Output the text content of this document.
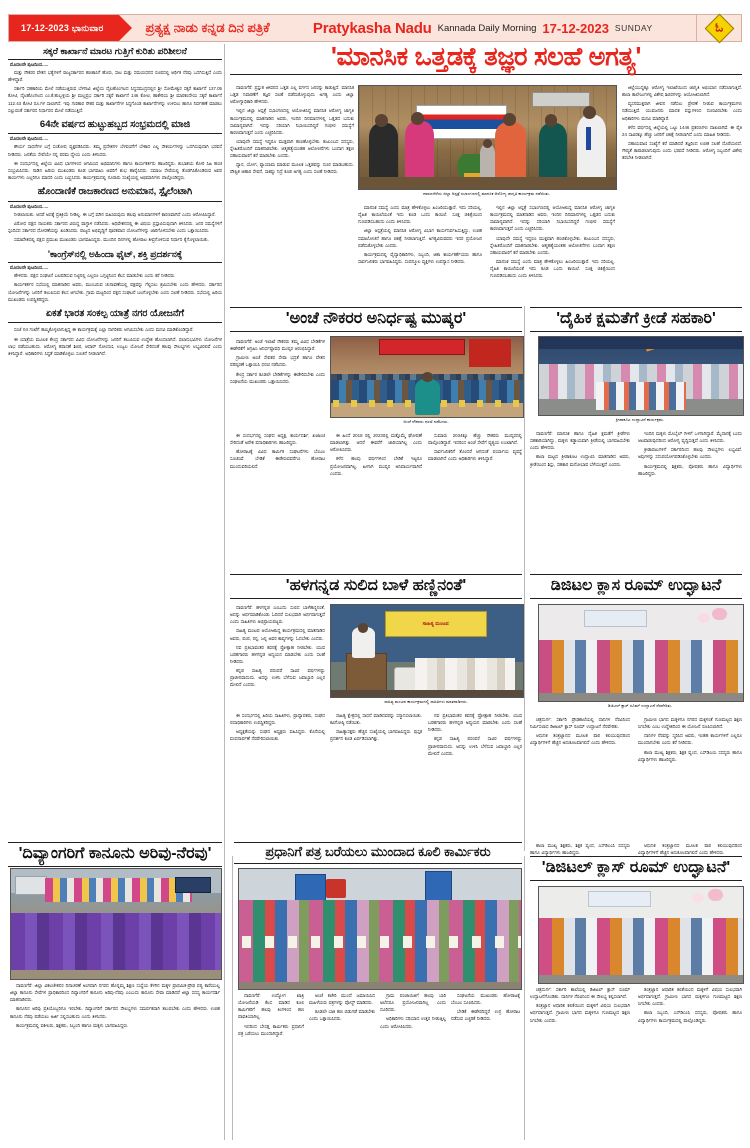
17-12-2023 ಭಾನುವಾರ	ಪ್ರತ್ಯಕ್ಷ ನಾಡು ಕನ್ನಡ ದಿನ ಪತ್ರಿಕೆ	Pratykasha Nadu Kannada Daily Morning 17-12-2023 SUNDAY	ಓ
ಸಕ್ಕರೆ ಕಾರ್ಖಾನೆ ಮಾರಟ ಗುತ್ತಿಗೆ ಕುರಿತು ಪರಿಶೀಲನೆ
ಮೊದಲನೇ ಪುಟದಿಂದ.....

ಮತ್ತು ನೌಕರರ ವೇತನ ಭತ್ಯೆಗಳಿಗೆ ರಾಜ್ಯಸರ್ಕಾರದ ಹಣಕಾಸಿಗೆ ಹೊರು, ಸಾಲ ಮತ್ತು ಸಮಯಧನದ ರೂಪದಲ್ಲಿ ಆರ್ಥಿಕ ನೆರವು ಒದಗಿಸುತ್ತಿದೆ ಎಂದು ಹೇಳಿದ್ದಾರೆ.

ಸರ್ಕಾರಿ ಸಹಕಾರಿಯ ಮೇಲೆ ನಡೆಯುತ್ತಿರುವ ಬೆಳಗಾವಿ ಜಿಲ್ಲೆಯ ದೈಲಹೊಂಗಲದ ಸಿದ್ಧಸಮುದ್ರದಲ್ಲಿನ ಶ್ರೀ ಸೋಮೇಶ್ವರ ಸಕ್ಕರೆ ಕಾರ್ಖಾನೆ 137.05 ಕೋಟಿ, ದೈಲಹೊಂಗಲದ ಎಂ.ಕೆ.ಹುಬ್ಬಳ್ಳಿಯ ಶ್ರೀ ಮಲ್ಲಪ್ರಭ ಸರ್ಕಾರಿ ಸಕ್ಕರೆ ಕಾರ್ಖಾನೆ 146 ಕೋಟಿ, ಹಾಕೇರಿಯ ಶ್ರೀ ಮಾರಕಂದೇಯ ಸಕ್ಕರೆ ಕಾರ್ಖಾನೆ 112.43 ಕೋಟಿ ರೂ.ಗಳ ಸಾಲಾಗಿದೆ. ಇವು ಗಣಿಹಾರ ನೌಕರ ಮತ್ತು ಕಾರ್ಖಾನೆಗಳ ಸಿದ್ಧಗೊಂಡ ಕಾರ್ಖಾನೆಗಳನ್ನು ಉಳಿಸಲು ಹಾಗೂ ನಿರ್ವಹಣೆ ಮಾಡಲು ಸಲ್ಲುವಂತೆ ಸರ್ಕಾರದ ನಿರ್ಧಾರದ ಮೇಲೆ ನಡೆಯುತ್ತಿದೆ.

64ನೇ ವರ್ಷದ ಹುಟ್ಟುಹಬ್ಬದ ಸಂಭ್ರಮದಲ್ಲಿ ಮಾಜಿ
ಮೊದಲನೇ ಪುಟದಿಂದ.....

ಶೌರ್ಯ ಸಾಧನೆಗಳ ಬಗ್ಗೆ ಸಂತೋಷ ವ್ಯಕ್ತಪಡಿಸಿದರು. ತಮ್ಮ ಪ್ರದೇಶಗಳ ಬೆಳವಣಿಗೆಗೆ ಬೇಕಾದ ಎಲ್ಲ ಸೌಕರ್ಯಗಳನ್ನು ಒದಗಿಸುವುದಾಗಿ ಭರವಸೆ ನೀಡಿದರು. ಜನತೆಯ ಸೇವೆಯೇ ನನ್ನ ಪರಮ ಧ್ಯೇಯ ಎಂದು ತಿಳಿಸಿದರು.

ಈ ಸಂದರ್ಭದಲ್ಲಿ ಜಿಲ್ಲೆಯ ವಿವಿಧ ಭಾಗಗಳಿಂದ ಆಗಮಿಸಿದ ಅಭಿಮಾನಿಗಳು ಹಾಗೂ ಕಾರ್ಯಕರ್ತರು ಹಾಜರಿದ್ದರು. ಶುಭಾಶಯ ಕೋರಿ ಸಿಹಿ ಹಂಚಿ ಸಂಭ್ರಮಿಸಿದರು. ನಾಡಿನ ಹಿರಿಯ ಮುಖಂಡರು ಕೂಡ ಭಾಗವಹಿಸಿ ಅವರಿಗೆ ಶುಭ ಹಾರೈಸಿದರು. ಸಮಾಜ ಸೇವೆಯಲ್ಲಿ ತೊಡಗಿಸಿಕೊಂಡಿರುವ ಅವರ ಕಾರ್ಯಗಳು ಎಲ್ಲರಿಗೂ ಮಾದರಿ ಎಂದು ಬಣ್ಣಿಸಿದರು. ಕಾರ್ಯಕ್ರಮದಲ್ಲಿ ನೂರಾರು ಸಂಖ್ಯೆಯಲ್ಲಿ ಅಭಿಮಾನಿಗಳು ಪಾಲ್ಗೊಂಡಿದ್ದರು.

ಹೊಂದಾಣಿಕೆ ರಾಜಕಾರಣದ ಅನುಮಾನ, ಸ್ಪೈಲೆಂಟಾಗಿ
ಮೊದಲನೇ ಪುಟದಿಂದ.....

ನೀಡಲಾಯಿತು. ಆದರೆ ಅದಕ್ಕೆ ಪ್ರತಿಕ್ರಿಯೆ ನೀಡಿಲ್ಲ. ಈ ಬಗ್ಗೆ ಮೌನ ವಹಿಸಿರುವುದು ಹಲವು ಅನುಮಾನಗಳಿಗೆ ಕಾರಣವಾಗಿದೆ ಎಂದು ಆರೋಪಿಸಿದ್ದಾರೆ.

ವಿರೋಧ ಪಕ್ಷದ ನಾಯಕರು ಸರ್ಕಾರದ ವಿರುದ್ಧ ವಾಗ್ದಾಳಿ ನಡೆಸಿದರು. ಅಧಿವೇಶನದಲ್ಲಿ ಈ ವಿಷಯ ಪ್ರಸ್ತಾಪಿಸುವುದಾಗಿ ತಿಳಿಸಿದರು. ಜನರ ಸಮಸ್ಯೆಗಳಿಗೆ ಸ್ಪಂದಿಸದ ಸರ್ಕಾರದ ಧೋರಣೆಯನ್ನು ಖಂಡಿಸಿದರು. ರಾಜ್ಯದ ಅಭಿವೃದ್ಧಿಗೆ ಪೂರಕವಾದ ಯೋಜನೆಗಳನ್ನು ಜಾರಿಗೊಳಿಸಬೇಕು ಎಂದು ಒತ್ತಾಯಿಸಿದರು.

ಸಮಾವೇಶದಲ್ಲಿ ಪಕ್ಷದ ಪ್ರಮುಖ ಮುಖಂಡರು ಭಾಗವಹಿಸಿದ್ದರು. ಮುಂದಿನ ದಿನಗಳಲ್ಲಿ ಹೋರಾಟ ತೀವ್ರಗೊಳಿಸುವ ನಿರ್ಧಾರ ಕೈಗೊಳ್ಳಲಾಯಿತು.

'ಕಾಂಗ್ರೆಸ್‌ನಲ್ಲಿ ಅಹಿಂದಾ ಫೈಟ್, ಶಕ್ತಿ ಪ್ರದರ್ಶನಕ್ಕೆ
ಮೊದಲನೇ ಪುಟದಿಂದ.....

ಹೇಳಿದರು. ಪಕ್ಷದ ಸಂಘಟನೆ ಬಲಪಡಿಸುವ ನಿಟ್ಟಿನಲ್ಲಿ ಎಲ್ಲರೂ ಒಗ್ಗಟ್ಟಿನಿಂದ ಕೆಲಸ ಮಾಡಬೇಕು ಎಂದು ಕರೆ ನೀಡಿದರು.

ಕಾರ್ಯಕರ್ತರ ಸಭೆಯಲ್ಲಿ ಮಾತನಾಡಿದ ಅವರು, ಮುಂಬರುವ ಚುನಾವಣೆಯಲ್ಲಿ ಪಕ್ಷವನ್ನು ಗೆಲ್ಲಿಸಲು ಶ್ರಮಿಸಬೇಕು ಎಂದು ಹೇಳಿದರು. ಸರ್ಕಾರದ ಯೋಜನೆಗಳನ್ನು ಜನರಿಗೆ ತಲುಪಿಸುವ ಕೆಲಸ ಆಗಬೇಕು. ಗ್ರಾಮ ಮಟ್ಟದಿಂದ ಪಕ್ಷದ ಸಂಘಟನೆ ಬಲಗೊಳ್ಳಬೇಕು ಎಂದು ಸಲಹೆ ನೀಡಿದರು. ಸಭೆಯಲ್ಲಿ ಹಿರಿಯ ಮುಖಂಡರು ಉಪಸ್ಥಿತರಿದ್ದರು.

ಏಕತೆ ಭಾರತ ಸಂಕಲ್ಪ ಯಾತ್ರೆ ನಗರ ಯೋಜನೆಗೆ

ಸಂಜೆ 04 ಗಂಟೆಗೆ ಹಮ್ಮಿಕೊಳ್ಳಲಾಗುತ್ತಿದ್ದ ಈ ಕಾರ್ಯಕ್ರಮಕ್ಕೆ ಎಲ್ಲಾ ನಾಗರಿಕರು ಆಗಮಿಸಬೇಕು ಎಂದು ಮನವಿ ಮಾಡಿಕೊಂಡಿದ್ದಾರೆ.

ಈ ಯಾತ್ರೆಯ ಮೂಲಕ ಕೇಂದ್ರ ಸರ್ಕಾರದ ವಿವಿಧ ಯೋಜನೆಗಳನ್ನು ಜನರಿಗೆ ತಲುಪಿಸುವ ಉದ್ದೇಶ ಹೊಂದಲಾಗಿದೆ. ಫಲಾನುಭವಿಗಳು ಯೋಜನೆಗಳ ಲಾಭ ಪಡೆಯಬಹುದು. ಆರೋಗ್ಯ ತಪಾಸಣೆ ಶಿಬಿರ, ಆಧಾರ್ ನೋಂದಣಿ, ಉಜ್ವಲ ಯೋಜನೆ ಸೇರಿದಂತೆ ಹಲವು ಸೌಲಭ್ಯಗಳು ಲಭ್ಯವಿರಲಿವೆ ಎಂದು ತಿಳಿಸಿದ್ದಾರೆ. ಅಧಿಕಾರಿಗಳು ಸಿದ್ಧತೆ ಮಾಡಿಕೊಳ್ಳಲು ಸೂಚನೆ ನೀಡಲಾಗಿದೆ.

'ಮಾನಸಿಕ ಒತ್ತಡಕ್ಕೆ ತಜ್ಞರ ಸಲಹೆ ಅಗತ್ಯ'

ದಾವಣಗೆರೆ: ಪ್ರಸ್ತುತ ಜೀವನದ ಒತ್ತಡ ಎಲ್ಲ ವರ್ಗದ ಜನರನ್ನು ಕಾಡುತ್ತಿದೆ. ಮಾನಸಿಕ ಒತ್ತಡ ನಿವಾರಣೆಗೆ ತಜ್ಞರ ಸಲಹೆ ಪಡೆದುಕೊಳ್ಳುವುದು ಅಗತ್ಯ ಎಂದು ಜಿಲ್ಲಾ ಆರೋಗ್ಯಾಧಿಕಾರಿ ಹೇಳಿದರು.

ಇಲ್ಲಿನ ಜಿಲ್ಲಾ ಆಸ್ಪತ್ರೆ ಸಭಾಂಗಣದಲ್ಲಿ ಆಯೋಜಿಸಿದ್ದ ಮಾನಸಿಕ ಆರೋಗ್ಯ ಜಾಗೃತಿ ಕಾರ್ಯಕ್ರಮದಲ್ಲಿ ಮಾತನಾಡಿದ ಅವರು, ಇಂದಿನ ದಿನಮಾನಗಳಲ್ಲಿ ಒತ್ತಡದ ಬದುಕು ಸಾಮಾನ್ಯವಾಗಿದೆ. ಇದನ್ನು ಸರಿಯಾಗಿ ನಿಭಾಯಿಸದಿದ್ದರೆ ಗಂಭೀರ ಸಮಸ್ಯೆಗೆ ಕಾರಣವಾಗುತ್ತದೆ ಎಂದು ಎಚ್ಚರಿಸಿದರು.

ಯಾವುದೇ ಸಮಸ್ಯೆ ಇದ್ದರೂ ಮುಕ್ತವಾಗಿ ಹಂಚಿಕೊಳ್ಳಬೇಕು. ಕುಟುಂಬದ ಸದಸ್ಯರು, ಸ್ನೇಹಿತರೊಂದಿಗೆ ಮಾತನಾಡಬೇಕು. ಆತ್ಮಹತ್ಯೆಯಂತಹ ಆಲೋಚನೆಗಳು ಬಂದಾಗ ತಕ್ಷಣ ಸಹಾಯವಾಣಿಗೆ ಕರೆ ಮಾಡಬೇಕು ಎಂದರು.

ಧ್ಯಾನ, ಯೋಗ, ವ್ಯಾಯಾಮ ಮಾಡುವ ಮೂಲಕ ಒತ್ತಡವನ್ನು ದೂರ ಮಾಡಬಹುದು. ಪೌಷ್ಟಿಕ ಆಹಾರ ಸೇವನೆ, ಸಾಕಷ್ಟು ನಿದ್ರೆ ಕೂಡ ಅಗತ್ಯ ಎಂದು ಸಲಹೆ ನೀಡಿದರು.

ದಾವಣಗೆರೆಯ ಜಿಲ್ಲಾ ಆಸ್ಪತ್ರೆ ಸಭಾಂಗಣದಲ್ಲಿ ಮಾನಸಿಕ ಆರೋಗ್ಯ ಜಾಗೃತಿ ಕಾರ್ಯಕ್ರಮ ನಡೆಯಿತು.

ಮಾನಸಿಕ ಸಮಸ್ಯೆ ಎಂದು ಮಾತ್ರ ಹೇಳಿಕೊಳ್ಳಲು ಹಿಂಜರಿಯುತ್ತಾರೆ. ಇದು ಸರಿಯಲ್ಲ. ದೈಹಿಕ ಕಾಯಿಲೆಯಂತೆ ಇದು ಕೂಡ ಒಂದು ಕಾಯಿಲೆ. ಸೂಕ್ತ ಚಿಕಿತ್ಸೆಯಿಂದ ಗುಣಪಡಿಸಬಹುದು ಎಂದು ತಿಳಿಸಿದರು.

ಜಿಲ್ಲಾ ಆಸ್ಪತ್ರೆಯಲ್ಲಿ ಮಾನಸಿಕ ಆರೋಗ್ಯ ವಿಭಾಗ ಕಾರ್ಯನಿರ್ವಹಿಸುತ್ತಿದ್ದು, ಉಚಿತ ಸಮಾಲೋಚನೆ ಹಾಗೂ ಚಿಕಿತ್ಸೆ ನೀಡಲಾಗುತ್ತಿದೆ. ಅಗತ್ಯವಿರುವವರು ಇದರ ಪ್ರಯೋಜನ ಪಡೆದುಕೊಳ್ಳಬೇಕು ಎಂದರು.

ಕಾರ್ಯಕ್ರಮದಲ್ಲಿ ವೈದ್ಯಾಧಿಕಾರಿಗಳು, ಸಿಬ್ಬಂದಿ, ಆಶಾ ಕಾರ್ಯಕರ್ತೆಯರು ಹಾಗೂ ಸಾರ್ವಜನಿಕರು ಭಾಗವಹಿಸಿದ್ದರು. ಸಂಪನ್ಮೂಲ ವ್ಯಕ್ತಿಗಳು ಉಪನ್ಯಾಸ ನೀಡಿದರು.

ಇಲ್ಲಿನ ಜಿಲ್ಲಾ ಆಸ್ಪತ್ರೆ ಸಭಾಂಗಣದಲ್ಲಿ ಆಯೋಜಿಸಿದ್ದ ಮಾನಸಿಕ ಆರೋಗ್ಯ ಜಾಗೃತಿ ಕಾರ್ಯಕ್ರಮದಲ್ಲಿ ಮಾತನಾಡಿದ ಅವರು, ಇಂದಿನ ದಿನಮಾನಗಳಲ್ಲಿ ಒತ್ತಡದ ಬದುಕು ಸಾಮಾನ್ಯವಾಗಿದೆ. ಇದನ್ನು ಸರಿಯಾಗಿ ನಿಭಾಯಿಸದಿದ್ದರೆ ಗಂಭೀರ ಸಮಸ್ಯೆಗೆ ಕಾರಣವಾಗುತ್ತದೆ ಎಂದು ಎಚ್ಚರಿಸಿದರು.

ಯಾವುದೇ ಸಮಸ್ಯೆ ಇದ್ದರೂ ಮುಕ್ತವಾಗಿ ಹಂಚಿಕೊಳ್ಳಬೇಕು. ಕುಟುಂಬದ ಸದಸ್ಯರು, ಸ್ನೇಹಿತರೊಂದಿಗೆ ಮಾತನಾಡಬೇಕು. ಆತ್ಮಹತ್ಯೆಯಂತಹ ಆಲೋಚನೆಗಳು ಬಂದಾಗ ತಕ್ಷಣ ಸಹಾಯವಾಣಿಗೆ ಕರೆ ಮಾಡಬೇಕು ಎಂದರು.

ಮಾನಸಿಕ ಸಮಸ್ಯೆ ಎಂದು ಮಾತ್ರ ಹೇಳಿಕೊಳ್ಳಲು ಹಿಂಜರಿಯುತ್ತಾರೆ. ಇದು ಸರಿಯಲ್ಲ. ದೈಹಿಕ ಕಾಯಿಲೆಯಂತೆ ಇದು ಕೂಡ ಒಂದು ಕಾಯಿಲೆ. ಸೂಕ್ತ ಚಿಕಿತ್ಸೆಯಿಂದ ಗುಣಪಡಿಸಬಹುದು ಎಂದು ತಿಳಿಸಿದರು.

ಜಿಲ್ಲೆಯುದ್ದಕ್ಕೂ ಆರೋಗ್ಯ ಇಲಾಖೆಯಿಂದ ಜಾಗೃತಿ ಅಭಿಯಾನ ನಡೆಸಲಾಗುತ್ತಿದೆ. ಶಾಲಾ ಕಾಲೇಜುಗಳಲ್ಲಿ ವಿಶೇಷ ಶಿಬಿರಗಳನ್ನು ಆಯೋಜಿಸಲಾಗಿದೆ.

ವ್ಯಸನಮುಕ್ತರಾಗಿ ಜೀವನ ನಡೆಸಲು ಪ್ರೇರಣೆ ನೀಡುವ ಕಾರ್ಯಕ್ರಮಗಳು ನಡೆಯುತ್ತಿವೆ. ಯುವಜನರು ಮಾದಕ ವಸ್ತುಗಳಿಂದ ದೂರವಿರಬೇಕು ಎಂದು ಅಧಿಕಾರಿಗಳು ಮನವಿ ಮಾಡಿದ್ದಾರೆ.

ಕಳೆದ ವರ್ಷದಲ್ಲಿ ಜಿಲ್ಲೆಯಲ್ಲಿ ಒಟ್ಟು 1446 ಪ್ರಕರಣಗಳು ದಾಖಲಾಗಿವೆ. ಈ ಪೈಕಿ 24 ಸಾವಿರಕ್ಕೂ ಹೆಚ್ಚು ಜನರಿಗೆ ಚಿಕಿತ್ಸೆ ನೀಡಲಾಗಿದೆ ಎಂದು ಮಾಹಿತಿ ನೀಡಿದರು.

ಸಹಾಯವಾಣಿ ಸಂಖ್ಯೆಗೆ ಕರೆ ಮಾಡಿದರೆ ತಜ್ಞರಿಂದ ಉಚಿತ ಸಲಹೆ ದೊರೆಯಲಿದೆ. ಗೌಪ್ಯತೆ ಕಾಪಾಡಲಾಗುವುದು ಎಂದು ಭರವಸೆ ನೀಡಿದರು. ಆರೋಗ್ಯ ಸಿಬ್ಬಂದಿಗೆ ವಿಶೇಷ ತರಬೇತಿ ನೀಡಲಾಗಿದೆ.

'ಅಂಚೆ ನೌಕರರ ಅನಿರ್ಧಷ್ಟ ಮುಷ್ಕರ'	'ದೈಹಿಕ ಕ್ಷಮತೆಗೆ ಕ್ರೀಡೆ ಸಹಕಾರಿ'
ಅಂಚೆ ನೌಕರರು ಧರಣಿ ನಡೆಸಿದರು.

ದಾವಣಗೆರೆ: ಅಂಚೆ ಇಲಾಖೆ ನೌಕರರು ತಮ್ಮ ವಿವಿಧ ಬೇಡಿಕೆಗಳ ಈಡೇರಿಕೆಗೆ ಆಗ್ರಹಿಸಿ ಅನಿರ್ಧಷ್ಟಾವಧಿ ಮುಷ್ಕರ ಆರಂಭಿಸಿದ್ದಾರೆ.

ಗ್ರಾಮೀಣ ಅಂಚೆ ಸೇವಕರ ಸೇವಾ ಭದ್ರತೆ ಹಾಗೂ ವೇತನ ಪರಿಷ್ಕರಣೆ ಒತ್ತಾಯಿಸಿ ಧರಣಿ ನಡೆಸಿದರು.

ಕೇಂದ್ರ ಸರ್ಕಾರ ಕೂಡಲೇ ಬೇಡಿಕೆಗಳನ್ನು ಈಡೇರಿಸಬೇಕು ಎಂದು ಸಂಘಟನೆಯ ಮುಖಂಡರು ಒತ್ತಾಯಿಸಿದರು.

ಈ ಸಂದರ್ಭದಲ್ಲಿ ಸಂಘದ ಅಧ್ಯಕ್ಷ, ಕಾರ್ಯದರ್ಶಿ, ಖಜಾಂಚಿ ಸೇರಿದಂತೆ ಅನೇಕ ಪದಾಧಿಕಾರಿಗಳು ಹಾಜರಿದ್ದರು.

ಹೋರಾಟಕ್ಕೆ ವಿವಿಧ ಕಾರ್ಮಿಕ ಸಂಘಟನೆಗಳು ಬೆಂಬಲ ಸೂಚಿಸಿವೆ. ಬೇಡಿಕೆ ಈಡೇರುವವರೆಗೂ ಹೋರಾಟ ಮುಂದುವರಿಯಲಿದೆ.

ಈ ಹಿಂದೆ 2018 ರಲ್ಲಿ 2023ರಲ್ಲಿ ಮತ್ತೊಮ್ಮೆ ಘೋಷಣೆ ಮಾಡಲಾಗಿತ್ತು. ಆದರೆ ಈವರೆಗೆ ಜಾರಿಯಾಗಿಲ್ಲ ಎಂದು ಆರೋಪಿಸಿದರು.

ಕಳೆದ ಹಲವು ವರ್ಷಗಳಿಂದ ಬೇಡಿಕೆ ಇಟ್ಟರೂ ಪ್ರಯೋಜನವಾಗಿಲ್ಲ. ಹೀಗಾಗಿ ಮುಷ್ಕರ ಅನಿವಾರ್ಯವಾಗಿದೆ ಎಂದರು.

ಸುಮಾರು 2034ಕ್ಕೂ ಹೆಚ್ಚು ನೌಕರರು ಮುಷ್ಕರದಲ್ಲಿ ಪಾಲ್ಗೊಂಡಿದ್ದಾರೆ. ಇದರಿಂದ ಅಂಚೆ ಸೇವೆಗೆ ವ್ಯತ್ಯಯ ಉಂಟಾಗಿದೆ.

ಸಾರ್ವಜನಿಕರಿಗೆ ತೊಂದರೆ ಆಗದಂತೆ ಪರ್ಯಾಯ ವ್ಯವಸ್ಥೆ ಮಾಡಲಾಗಿದೆ ಎಂದು ಅಧಿಕಾರಿಗಳು ತಿಳಿಸಿದ್ದಾರೆ.

ಕ್ರೀಡಾಕೂಟ ಉದ್ಘಾಟನೆ ಕಾರ್ಯಕ್ರಮ.

ದಾವಣಗೆರೆ: ಮಾನಸಿಕ ಹಾಗೂ ದೈಹಿಕ ಕ್ಷಮತೆಗೆ ಕ್ರೀಡೆಗಳು ಸಹಕಾರಿಯಾಗಿದ್ದು, ಮಕ್ಕಳು ಕಡ್ಡಾಯವಾಗಿ ಕ್ರೀಡೆಯಲ್ಲಿ ಭಾಗವಹಿಸಬೇಕು ಎಂದು ಹೇಳಿದರು.

ಶಾಲಾ ಮಟ್ಟದ ಕ್ರೀಡಾಕೂಟ ಉದ್ಘಾಟಿಸಿ ಮಾತನಾಡಿದ ಅವರು, ಕ್ರೀಡೆಯಿಂದ ಶಿಸ್ತು, ಸಹಕಾರ ಮನೋಭಾವ ಬೆಳೆಯುತ್ತದೆ ಎಂದರು.

ಇಂದಿನ ಮಕ್ಕಳು ಮೊಬೈಲ್ ಗೀಳಿಗೆ ಒಳಗಾಗಿದ್ದಾರೆ. ಮೈದಾನಕ್ಕೆ ಬಂದು ಆಟವಾಡುವುದರಿಂದ ಆರೋಗ್ಯ ವೃದ್ಧಿಸುತ್ತದೆ ಎಂದು ತಿಳಿಸಿದರು.

ಕ್ರೀಡಾಪಟುಗಳಿಗೆ ಸರ್ಕಾರದಿಂದ ಹಲವು ಸೌಲಭ್ಯಗಳು ಲಭ್ಯವಿವೆ. ಅವುಗಳನ್ನು ಸದುಪಯೋಗಪಡಿಸಿಕೊಳ್ಳಬೇಕು ಎಂದರು.

ಕಾರ್ಯಕ್ರಮದಲ್ಲಿ ಶಿಕ್ಷಕರು, ಪೋಷಕರು ಹಾಗೂ ವಿದ್ಯಾರ್ಥಿಗಳು ಹಾಜರಿದ್ದರು.

'ಹಳಗನ್ನಡ ಸುಲಿದ ಬಾಳೆ ಹಣ್ಣಿನಂತೆ'	ಡಿಜಿಟಲ ಕ್ಲಾಸ ರೂಮ್ ಉದ್ಘಾಟನೆ
ಸಾಹಿತ್ಯ ಮಂಟಪ
ಸಾಹಿತ್ಯ ಮಂಟಪ ಕಾರ್ಯಕ್ರಮದಲ್ಲಿ ಸಾಹಿತಿಗಳು ಮಾತನಾಡಿದರು.

ದಾವಣಗೆರೆ: ಹಳಗನ್ನಡ ಎಂಬುದು ಸುಲಿದ ಬಾಳೆಹಣ್ಣಿನಂತೆ. ಅದನ್ನು ಅರ್ಥಮಾಡಿಕೊಂಡು ಓದಿದರೆ ಸುಲಭವಾಗಿ ಅರ್ಥವಾಗುತ್ತದೆ ಎಂದು ಸಾಹಿತಿಗಳು ಅಭಿಪ್ರಾಯಪಟ್ಟರು.

ಸಾಹಿತ್ಯ ಮಂಟಪ ಆಯೋಜಿಸಿದ್ದ ಕಾರ್ಯಕ್ರಮದಲ್ಲಿ ಮಾತನಾಡಿದ ಅವರು, ಪಂಪ, ರನ್ನ, ಜನ್ನ ಅವರ ಕಾವ್ಯಗಳನ್ನು ಓದಬೇಕು ಎಂದರು.

ನವ ಪ್ರತಿಭಾವಂತರ ಕವನಕ್ಕೆ ಪ್ರೋತ್ಸಾಹ ನೀಡಬೇಕು. ಯುವ ಬರಹಗಾರರು ಹಳಗನ್ನಡ ಅಧ್ಯಯನ ಮಾಡಬೇಕು ಎಂದು ಸಲಹೆ ನೀಡಿದರು.

ಕನ್ನಡ ಸಾಹಿತ್ಯ ಪರಂಪರೆ ಸಾವಿರ ವರ್ಷಗಳಷ್ಟು ಪ್ರಾಚೀನವಾದುದು. ಅದನ್ನು ಉಳಿಸಿ ಬೆಳೆಸುವ ಜವಾಬ್ದಾರಿ ಎಲ್ಲರ ಮೇಲಿದೆ ಎಂದರು.

ಈ ಸಂದರ್ಭದಲ್ಲಿ ಹಿರಿಯ ಸಾಹಿತಿಗಳು, ಪ್ರಾಧ್ಯಾಪಕರು, ಸಂಘದ ಪದಾಧಿಕಾರಿಗಳು ಉಪಸ್ಥಿತರಿದ್ದರು.

ಅಧ್ಯಕ್ಷತೆಯನ್ನು ಸಂಘದ ಅಧ್ಯಕ್ಷರು ವಹಿಸಿದ್ದರು. ಕೊನೆಯಲ್ಲಿ ವಂದನಾರ್ಪಣೆ ನೆರವೇರಿಸಲಾಯಿತು.

ಸಾಹಿತ್ಯ ಕ್ಷೇತ್ರದಲ್ಲಿ ಸಾಧನೆ ಮಾಡಿದವರನ್ನು ಸನ್ಮಾನಿಸಲಾಯಿತು. ಕವಿಗೋಷ್ಠಿ ನಡೆಯಿತು.

ಸಾಹಿತ್ಯಾಸಕ್ತರು ಹೆಚ್ಚಿನ ಸಂಖ್ಯೆಯಲ್ಲಿ ಭಾಗವಹಿಸಿದ್ದರು. ಪುಸ್ತಕ ಪ್ರದರ್ಶನ ಕೂಡ ಏರ್ಪಡಿಸಲಾಗಿತ್ತು.

ನವ ಪ್ರತಿಭಾವಂತರ ಕವನಕ್ಕೆ ಪ್ರೋತ್ಸಾಹ ನೀಡಬೇಕು. ಯುವ ಬರಹಗಾರರು ಹಳಗನ್ನಡ ಅಧ್ಯಯನ ಮಾಡಬೇಕು ಎಂದು ಸಲಹೆ ನೀಡಿದರು.

ಕನ್ನಡ ಸಾಹಿತ್ಯ ಪರಂಪರೆ ಸಾವಿರ ವರ್ಷಗಳಷ್ಟು ಪ್ರಾಚೀನವಾದುದು. ಅದನ್ನು ಉಳಿಸಿ ಬೆಳೆಸುವ ಜವಾಬ್ದಾರಿ ಎಲ್ಲರ ಮೇಲಿದೆ ಎಂದರು.

ಡಿಜಿಟಲ್ ಕ್ಲಾಸ್ ರೂಮ್ ಉದ್ಘಾಟನೆ ನೆರವೇರಿತು.

ಚಿತ್ರದುರ್ಗ: ಸರ್ಕಾರಿ ಪ್ರೌಢಶಾಲೆಯಲ್ಲಿ ದಾನಿಗಳ ನೆರವಿನಿಂದ ನಿರ್ಮಿಸಲಾದ ಡಿಜಿಟಲ್ ಕ್ಲಾಸ್ ರೂಮ್ ಉದ್ಘಾಟನೆ ನೆರವೇರಿತು.

ಆಧುನಿಕ ತಂತ್ರಜ್ಞಾನದ ಮೂಲಕ ಪಾಠ ಕಲಿಯುವುದರಿಂದ ವಿದ್ಯಾರ್ಥಿಗಳಿಗೆ ಹೆಚ್ಚಿನ ಅನುಕೂಲವಾಗಲಿದೆ ಎಂದು ಹೇಳಿದರು.

ಗ್ರಾಮೀಣ ಭಾಗದ ಮಕ್ಕಳಿಗೂ ನಗರದ ಮಕ್ಕಳಂತೆ ಗುಣಮಟ್ಟದ ಶಿಕ್ಷಣ ಸಿಗಬೇಕು ಎಂಬ ಉದ್ದೇಶದಿಂದ ಈ ಯೋಜನೆ ರೂಪಿಸಲಾಗಿದೆ.

ದಾನಿಗಳ ನೆರವನ್ನು ಸ್ಮರಿಸಿದ ಅವರು, ಇಂತಹ ಕಾರ್ಯಗಳಿಗೆ ಎಲ್ಲರೂ ಮುಂದಾಗಬೇಕು ಎಂದು ಕರೆ ನೀಡಿದರು.

ಶಾಲಾ ಮುಖ್ಯ ಶಿಕ್ಷಕರು, ಶಿಕ್ಷಕ ವೃಂದ, ಎಸ್‌ಡಿಎಂಸಿ ಸದಸ್ಯರು ಹಾಗೂ ವಿದ್ಯಾರ್ಥಿಗಳು ಹಾಜರಿದ್ದರು.

'ದಿವ್ಯಾಂಗರಿಗೆ ಕಾನೂನು ಅರಿವು-ನೆರವು'	ಪ್ರಧಾನಿಗೆ ಪತ್ರ ಬರೆಯಲು ಮುಂದಾದ ಕೂಲಿ ಕಾರ್ಮಿಕರು
'ಡಿಜಿಟಲ್ ಕ್ಲಾಸ್ ರೂಮ್ ಉದ್ಘಾಟನೆ'

ದಾವಣಗೆರೆ: ಜಿಲ್ಲಾ ವಿಕಲಚೇತನರ ದಿನಾಚರಣೆ ಅಂಗವಾಗಿ ನಗರದ ಹೊನ್ನಮ್ಮ ಶಿಕ್ಷಣ ಸಂಸ್ಥೆಯ ಕೆಳಗಿನ ಮಕ್ಕಳ ಪ್ರಾಥಮಿಕ-ಪ್ರೌಢ ಪಠ್ಯ ಕಾರೆಯುಲ್ಲ ಜಿಲ್ಲಾ ಕಾನೂನು ಸೇವೆಗಳ ಪ್ರಾಧಿಕಾರದಿಂದ ದಿವ್ಯಾಂಗರಿಗೆ ಕಾನೂನು ಅರಿವು-ನೆರವು ಎಂಬುದು ಕಾನೂನು ಸೇವಾ ಮಾಡಿದರೆ ಜಿಲ್ಲಾ ಸದಸ್ಯ ಕಾರ್ಯದರ್ಶಿ ಮಾತನಾಡಿದರು.

ಕಾನೂನಿನ ಅರಿವು ಪ್ರತಿಯೊಬ್ಬರಿಗೂ ಇರಬೇಕು. ದಿವ್ಯಾಂಗರಿಗೆ ಸರ್ಕಾರದ ಸೌಲಭ್ಯಗಳು ಸಮರ್ಪಕವಾಗಿ ತಲುಪಬೇಕು ಎಂದು ಹೇಳಿದರು. ಉಚಿತ ಕಾನೂನು ನೆರವು ಪಡೆಯಲು ಅರ್ಜಿ ಸಲ್ಲಿಸಬಹುದು ಎಂದು ತಿಳಿಸಿದರು.

ಕಾರ್ಯಕ್ರಮದಲ್ಲಿ ವಕೀಲರು, ಶಿಕ್ಷಕರು, ಸಿಬ್ಬಂದಿ ಹಾಗೂ ಮಕ್ಕಳು ಭಾಗವಹಿಸಿದ್ದರು.

ದಾವಣಗೆರೆ: ಉದ್ಯೋಗ ಖಾತ್ರಿ ಯೋಜನೆಯಡಿ ಕೆಲಸ ಮಾಡಿದ ಕೂಲಿ ಕಾರ್ಮಿಕರಿಗೆ ಹಲವು ತಿಂಗಳಿಂದ ಹಣ ಪಾವತಿಯಾಗಿಲ್ಲ.

ಇದರಿಂದ ಬೇಸತ್ತ ಕಾರ್ಮಿಕರು ಪ್ರಧಾನಿಗೆ ಪತ್ರ ಬರೆಯಲು ಮುಂದಾಗಿದ್ದಾರೆ.

ಅಂಚೆ ಕಚೇರಿ ಮುಂದೆ ಜಮಾಯಿಸಿದ ಮಹಿಳೆಯರು ಪತ್ರಗಳನ್ನು ಪೋಸ್ಟ್ ಮಾಡಿದರು.

ಕೂಡಲೇ ಬಾಕಿ ಹಣ ಬಿಡುಗಡೆ ಮಾಡಬೇಕು ಎಂದು ಒತ್ತಾಯಿಸಿದರು.

ಗ್ರಾಮ ಪಂಚಾಯಿತಿಗೆ ಹಲವು ಬಾರಿ ಅಲೆದರೂ ಪ್ರಯೋಜನವಾಗಿಲ್ಲ ಎಂದು ದೂರಿದರು.

ಅಧಿಕಾರಿಗಳು ಸರಿಯಾದ ಉತ್ತರ ನೀಡುತ್ತಿಲ್ಲ ಎಂದು ಆರೋಪಿಸಿದರು.

ಸಂಘಟನೆಯ ಮುಖಂಡರು ಹೋರಾಟಕ್ಕೆ ಬೆಂಬಲ ಸೂಚಿಸಿದರು.

ಬೇಡಿಕೆ ಈಡೇರದಿದ್ದರೆ ಉಗ್ರ ಹೋರಾಟ ನಡೆಸುವ ಎಚ್ಚರಿಕೆ ನೀಡಿದರು.

ಶಾಲಾ ಮುಖ್ಯ ಶಿಕ್ಷಕರು, ಶಿಕ್ಷಕ ವೃಂದ, ಎಸ್‌ಡಿಎಂಸಿ ಸದಸ್ಯರು ಹಾಗೂ ವಿದ್ಯಾರ್ಥಿಗಳು ಹಾಜರಿದ್ದರು.

ಆಧುನಿಕ ತಂತ್ರಜ್ಞಾನದ ಮೂಲಕ ಪಾಠ ಕಲಿಯುವುದರಿಂದ ವಿದ್ಯಾರ್ಥಿಗಳಿಗೆ ಹೆಚ್ಚಿನ ಅನುಕೂಲವಾಗಲಿದೆ ಎಂದು ಹೇಳಿದರು.

ಚಿತ್ರದುರ್ಗ: ಸರ್ಕಾರಿ ಶಾಲೆಯಲ್ಲಿ ಡಿಜಿಟಲ್ ಕ್ಲಾಸ್ ರೂಮ್ ಉದ್ಘಾಟನೆಗೊಂಡಿತು. ದಾನಿಗಳ ನೆರವಿನಿಂದ ಈ ಸೌಲಭ್ಯ ಕಲ್ಪಿಸಲಾಗಿದೆ.

ತಂತ್ರಜ್ಞಾನ ಆಧಾರಿತ ಕಲಿಕೆಯಿಂದ ಮಕ್ಕಳಿಗೆ ವಿಷಯ ಸುಲಭವಾಗಿ ಅರ್ಥವಾಗುತ್ತದೆ. ಗ್ರಾಮೀಣ ಭಾಗದ ಮಕ್ಕಳಿಗೂ ಗುಣಮಟ್ಟದ ಶಿಕ್ಷಣ ಸಿಗಬೇಕು ಎಂದರು.

ತಂತ್ರಜ್ಞಾನ ಆಧಾರಿತ ಕಲಿಕೆಯಿಂದ ಮಕ್ಕಳಿಗೆ ವಿಷಯ ಸುಲಭವಾಗಿ ಅರ್ಥವಾಗುತ್ತದೆ. ಗ್ರಾಮೀಣ ಭಾಗದ ಮಕ್ಕಳಿಗೂ ಗುಣಮಟ್ಟದ ಶಿಕ್ಷಣ ಸಿಗಬೇಕು ಎಂದರು.

ಶಾಲಾ ಸಿಬ್ಬಂದಿ, ಎಸ್‌ಡಿಎಂಸಿ ಸದಸ್ಯರು, ಪೋಷಕರು ಹಾಗೂ ವಿದ್ಯಾರ್ಥಿಗಳು ಕಾರ್ಯಕ್ರಮದಲ್ಲಿ ಪಾಲ್ಗೊಂಡಿದ್ದರು.
